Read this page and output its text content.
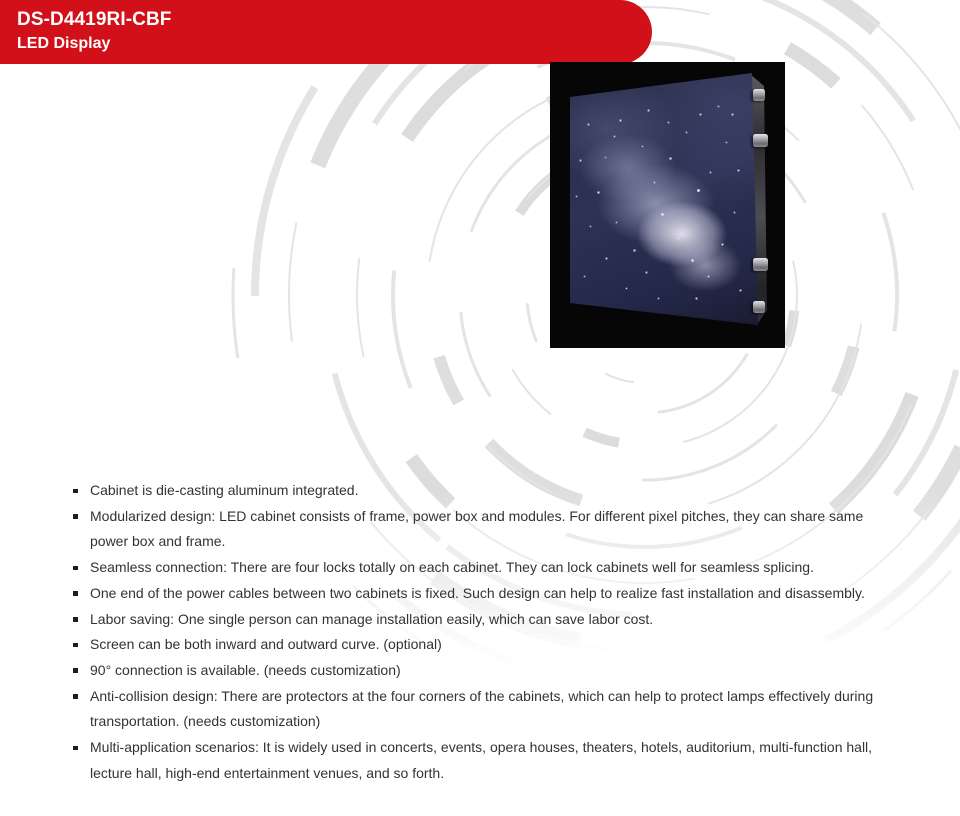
DS-D4419RI-CBF
LED Display
Cabinet is die-casting aluminum integrated.
Modularized design: LED cabinet consists of frame, power box and modules. For different pixel pitches, they can share same power box and frame.
Seamless connection: There are four locks totally on each cabinet. They can lock cabinets well for seamless splicing.
One end of the power cables between two cabinets is fixed. Such design can help to realize fast installation and disassembly.
Labor saving: One single person can manage installation easily, which can save labor cost.
Screen can be both inward and outward curve. (optional)
90° connection is available. (needs customization)
Anti-collision design: There are protectors at the four corners of the cabinets, which can help to protect lamps effectively during transportation. (needs customization)
Multi-application scenarios: It is widely used in concerts, events, opera houses, theaters, hotels, auditorium, multi-function hall, lecture hall, high-end entertainment venues, and so forth.
